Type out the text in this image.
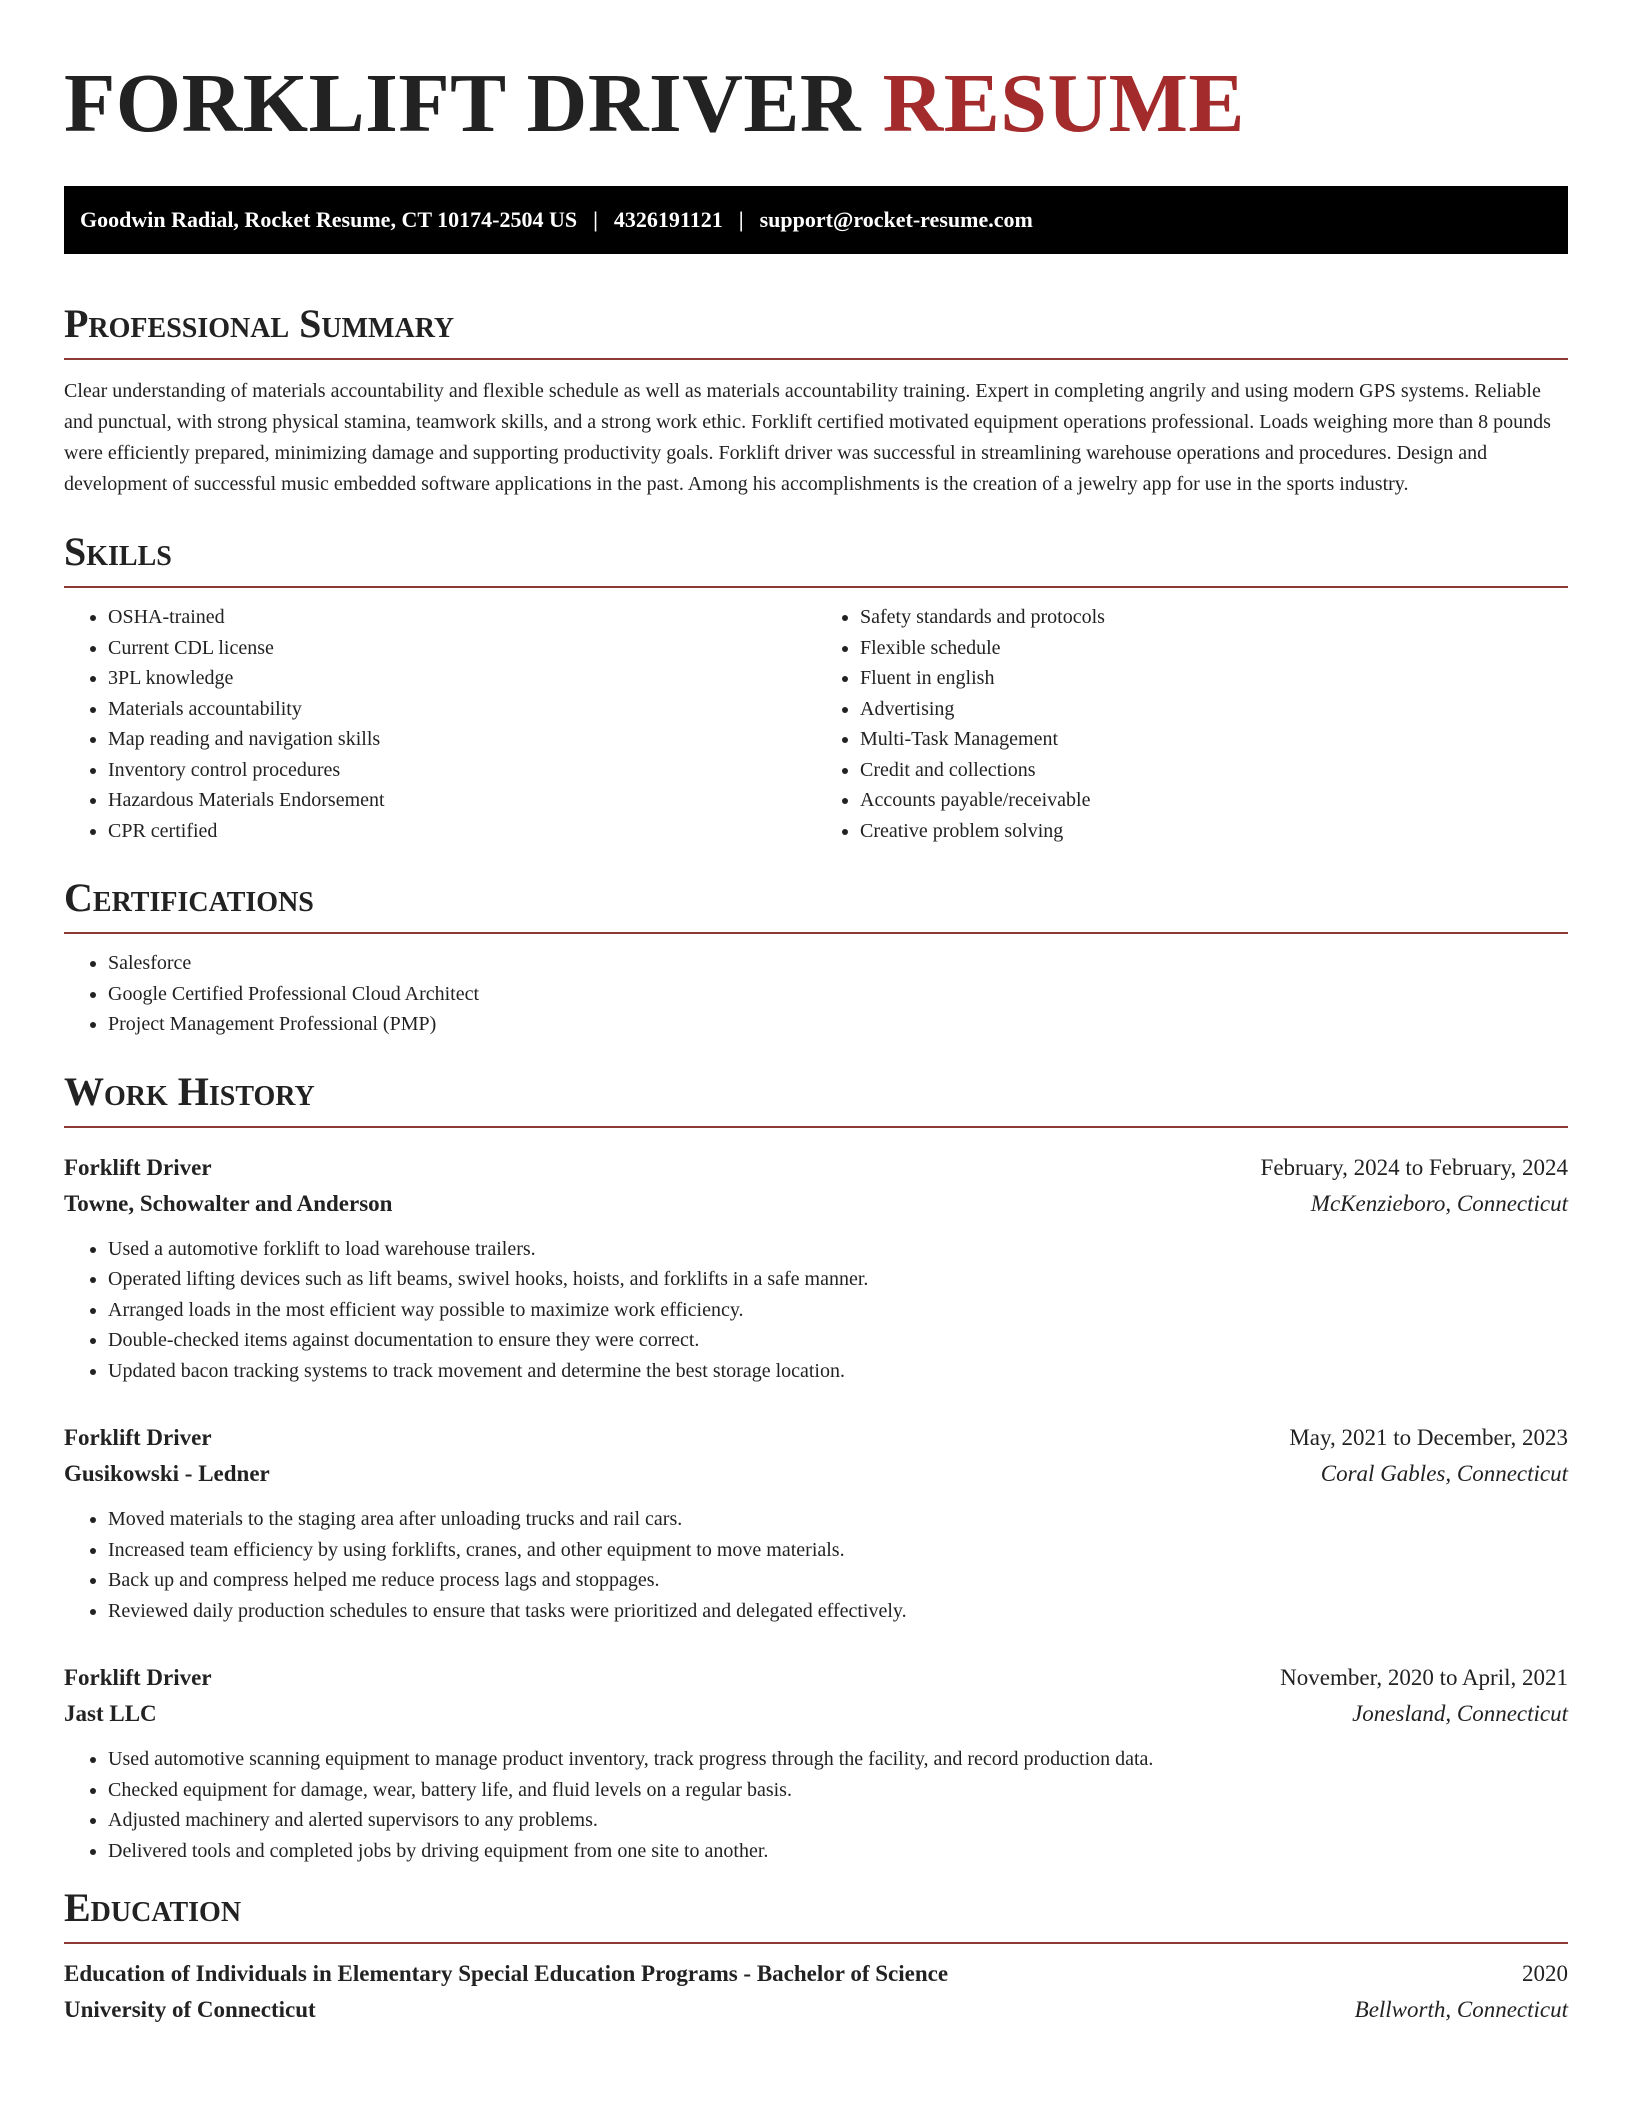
FORKLIFT DRIVER RESUME
Goodwin Radial, Rocket Resume, CT 10174-2504 US | 4326191121 | support@rocket-resume.com
Professional Summary

Clear understanding of materials accountability and flexible schedule as well as materials accountability training. Expert in completing angrily and using modern GPS systems. Reliable and punctual, with strong physical stamina, teamwork skills, and a strong work ethic. Forklift certified motivated equipment operations professional. Loads weighing more than 8 pounds were efficiently prepared, minimizing damage and supporting productivity goals. Forklift driver was successful in streamlining warehouse operations and procedures. Design and development of successful music embedded software applications in the past. Among his accomplishments is the creation of a jewelry app for use in the sports industry.

Skills
• OSHA-trained
• Current CDL license
• 3PL knowledge
• Materials accountability
• Map reading and navigation skills
• Inventory control procedures
• Hazardous Materials Endorsement
• CPR certified
• Safety standards and protocols
• Flexible schedule
• Fluent in english
• Advertising
• Multi-Task Management
• Credit and collections
• Accounts payable/receivable
• Creative problem solving
Certifications
• Salesforce
• Google Certified Professional Cloud Architect
• Project Management Professional (PMP)
Work History
Forklift Driver	February, 2024 to February, 2024
Towne, Schowalter and Anderson	McKenzieboro, Connecticut
• Used a automotive forklift to load warehouse trailers.
• Operated lifting devices such as lift beams, swivel hooks, hoists, and forklifts in a safe manner.
• Arranged loads in the most efficient way possible to maximize work efficiency.
• Double-checked items against documentation to ensure they were correct.
• Updated bacon tracking systems to track movement and determine the best storage location.
Forklift Driver	May, 2021 to December, 2023
Gusikowski - Ledner	Coral Gables, Connecticut
• Moved materials to the staging area after unloading trucks and rail cars.
• Increased team efficiency by using forklifts, cranes, and other equipment to move materials.
• Back up and compress helped me reduce process lags and stoppages.
• Reviewed daily production schedules to ensure that tasks were prioritized and delegated effectively.
Forklift Driver	November, 2020 to April, 2021
Jast LLC	Jonesland, Connecticut
• Used automotive scanning equipment to manage product inventory, track progress through the facility, and record production data.
• Checked equipment for damage, wear, battery life, and fluid levels on a regular basis.
• Adjusted machinery and alerted supervisors to any problems.
• Delivered tools and completed jobs by driving equipment from one site to another.
Education
Education of Individuals in Elementary Special Education Programs - Bachelor of Science	2020
University of Connecticut	Bellworth, Connecticut
